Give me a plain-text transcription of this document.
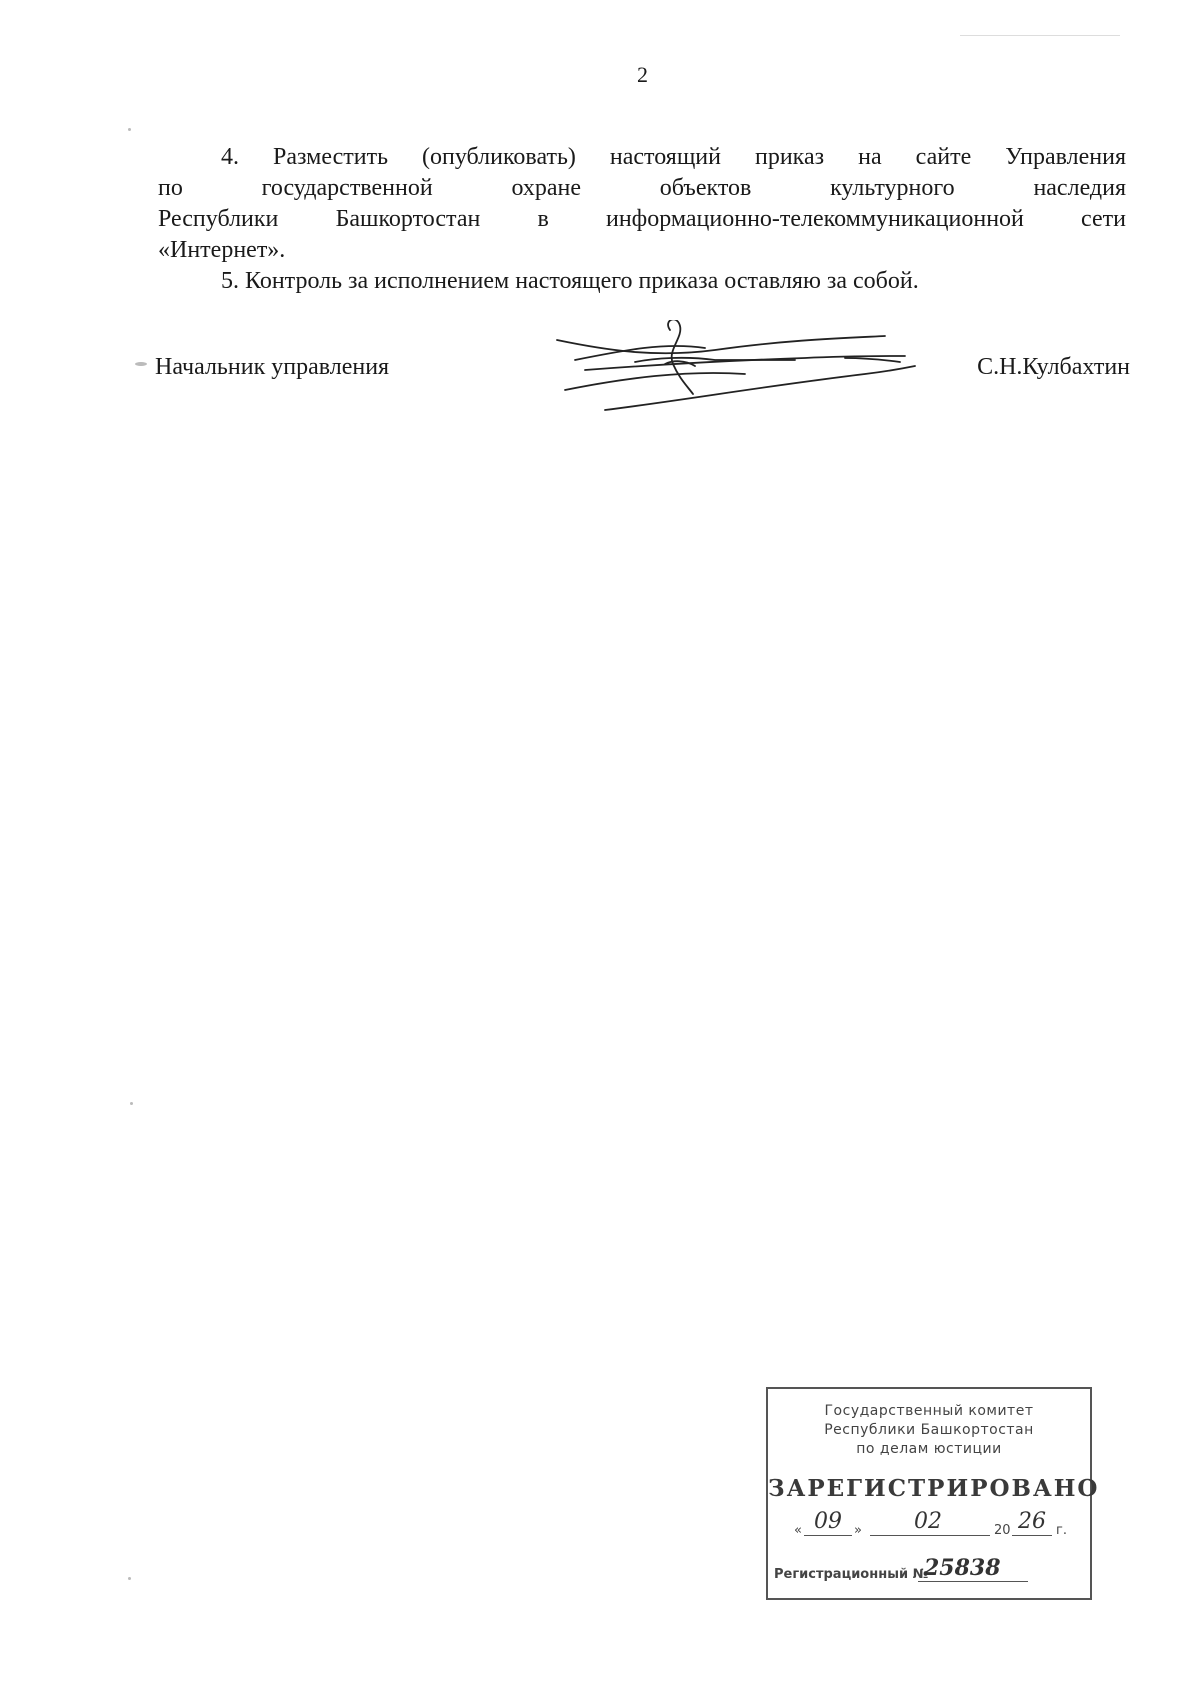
2
4. Разместить (опубликовать) настоящий приказ на сайте Управления
по государственной охране объектов культурного наследия
Республики Башкортостан в информационно-телекоммуникационной сети
«Интернет».
5. Контроль за исполнением настоящего приказа оставляю за собой.
Начальник управления	С.Н.Кулбахтин
Государственный комитет
Республики Башкортостан
по делам юстиции
ЗАРЕГИСТРИРОВАНО
« 09 » 02	20 26 г.
Регистрационный №
25838
